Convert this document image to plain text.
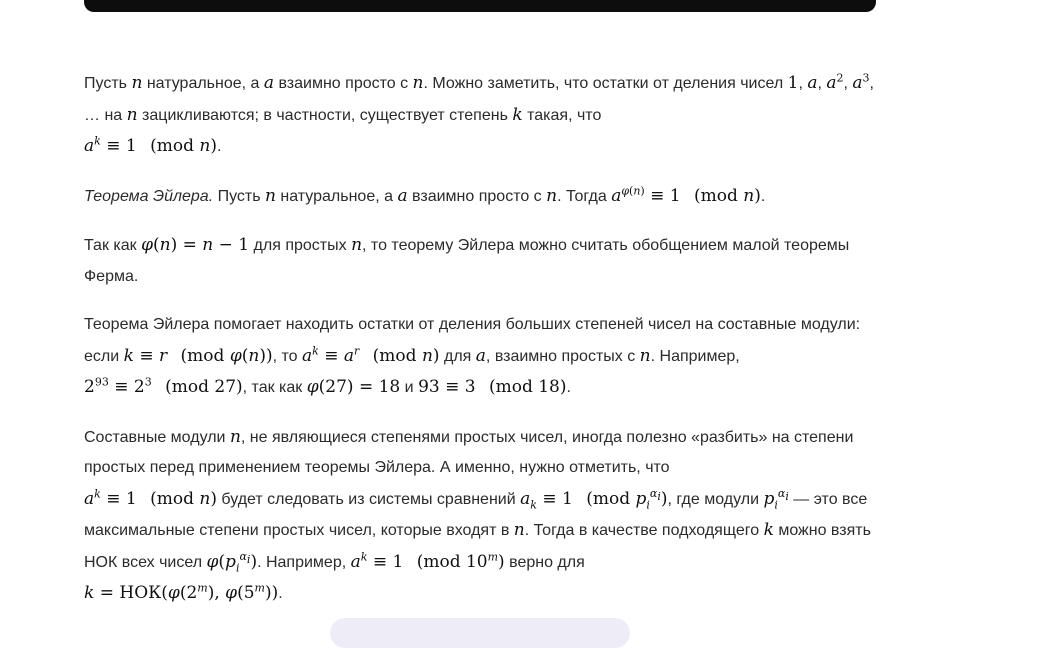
Пусть n натуральное, а a взаимно просто с n. Можно заметить, что остатки от деления чисел 1, a, $a^2$, $a^3$, … на n зацикливаются; в частности, существует степень k такая, что
$a^k \equiv 1$ (mod n).

Теорема Эйлера. Пусть n натуральное, а a взаимно просто с n. Тогда $a^{\varphi(n)} \equiv 1$ (mod n).

Так как φ(n) = n − 1 для простых n, то теорему Эйлера можно считать обобщением малой теоремы Ферма.

Теорема Эйлера помогает находить остатки от деления больших степеней чисел на составные модули: если k ≡ r (mod φ(n)), то $a^k \equiv a^r$ (mod n) для a, взаимно простых с n. Например,
$2^{93} \equiv 2^3$ (mod 27), так как φ(27) = 18 и 93 ≡ 3 (mod 18).

Составные модули n, не являющиеся степенями простых чисел, иногда полезно «разбить» на степени простых перед применением теоремы Эйлера. А именно, нужно отметить, что
$a^k \equiv 1$ (mod n) будет следовать из системы сравнений $a_k \equiv 1$ (mod $p_i^{\alpha_i}$), где модули $p_i^{\alpha_i}$ — это все максимальные степени простых чисел, которые входят в n. Тогда в качестве подходящего k можно взять НОК всех чисел $\varphi(p_i^{\alpha_i})$. Например, $a^k \equiv 1$ (mod 10$^m$) верно для
$k = НОК(\varphi(2^m)$, φ(5$^m$)).
